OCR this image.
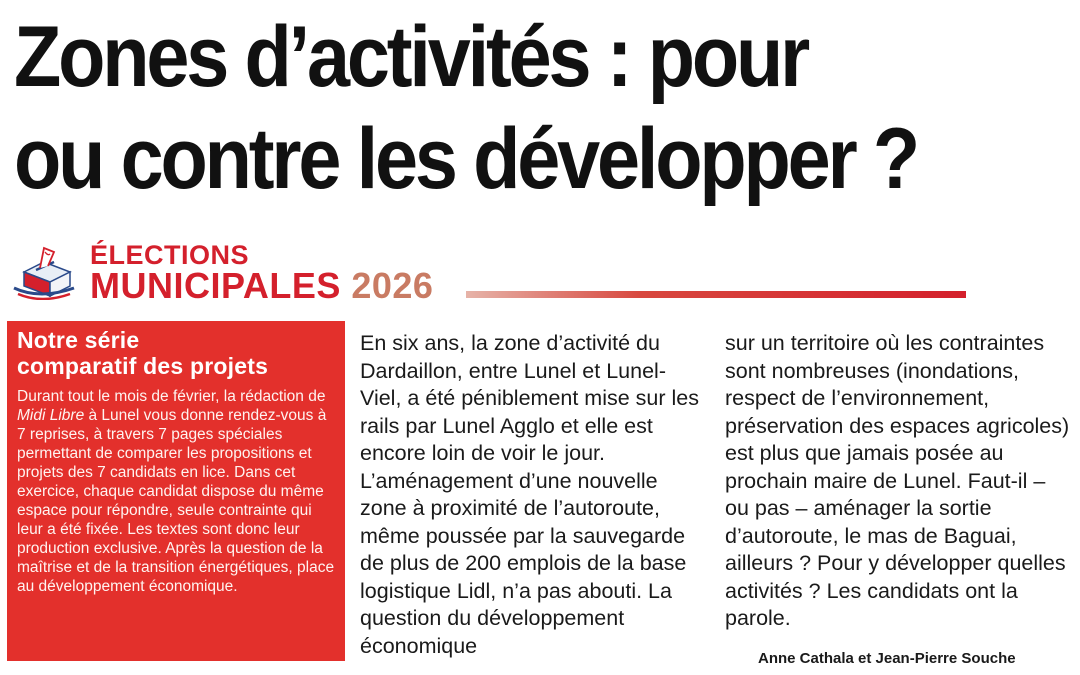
Zones d’activités : pour
ou contre les développer ?
ÉLECTIONS
MUNICIPALES 2026
Notre série
comparatif des projets
Durant tout le mois de février, la rédaction de Midi Libre à Lunel vous donne rendez-vous à 7 reprises, à travers 7 pages spéciales permettant de comparer les propositions et projets des 7 candidats en lice. Dans cet exercice, chaque candidat dispose du même espace pour répondre, seule contrainte qui leur a été fixée. Les textes sont donc leur production exclusive. Après la question de la maîtrise et de la transition énergétiques, place au développement économique.
En six ans, la zone d’activité du Dardaillon, entre Lunel et Lunel-Viel, a été péniblement mise sur les rails par Lunel Agglo et elle est encore loin de voir le jour. L’aménagement d’une nouvelle zone à proximité de l’autoroute, même poussée par la sauvegarde de plus de 200 emplois de la base logistique Lidl, n’a pas abouti. La question du développement économique
sur un territoire où les contraintes sont nombreuses (inondations, respect de l’environnement, préservation des espaces agricoles) est plus que jamais posée au prochain maire de Lunel. Faut-il – ou pas – aménager la sortie d’autoroute, le mas de Baguai, ailleurs ? Pour y développer quelles activités ? Les candidats ont la parole.
Anne Cathala et Jean-Pierre Souche
